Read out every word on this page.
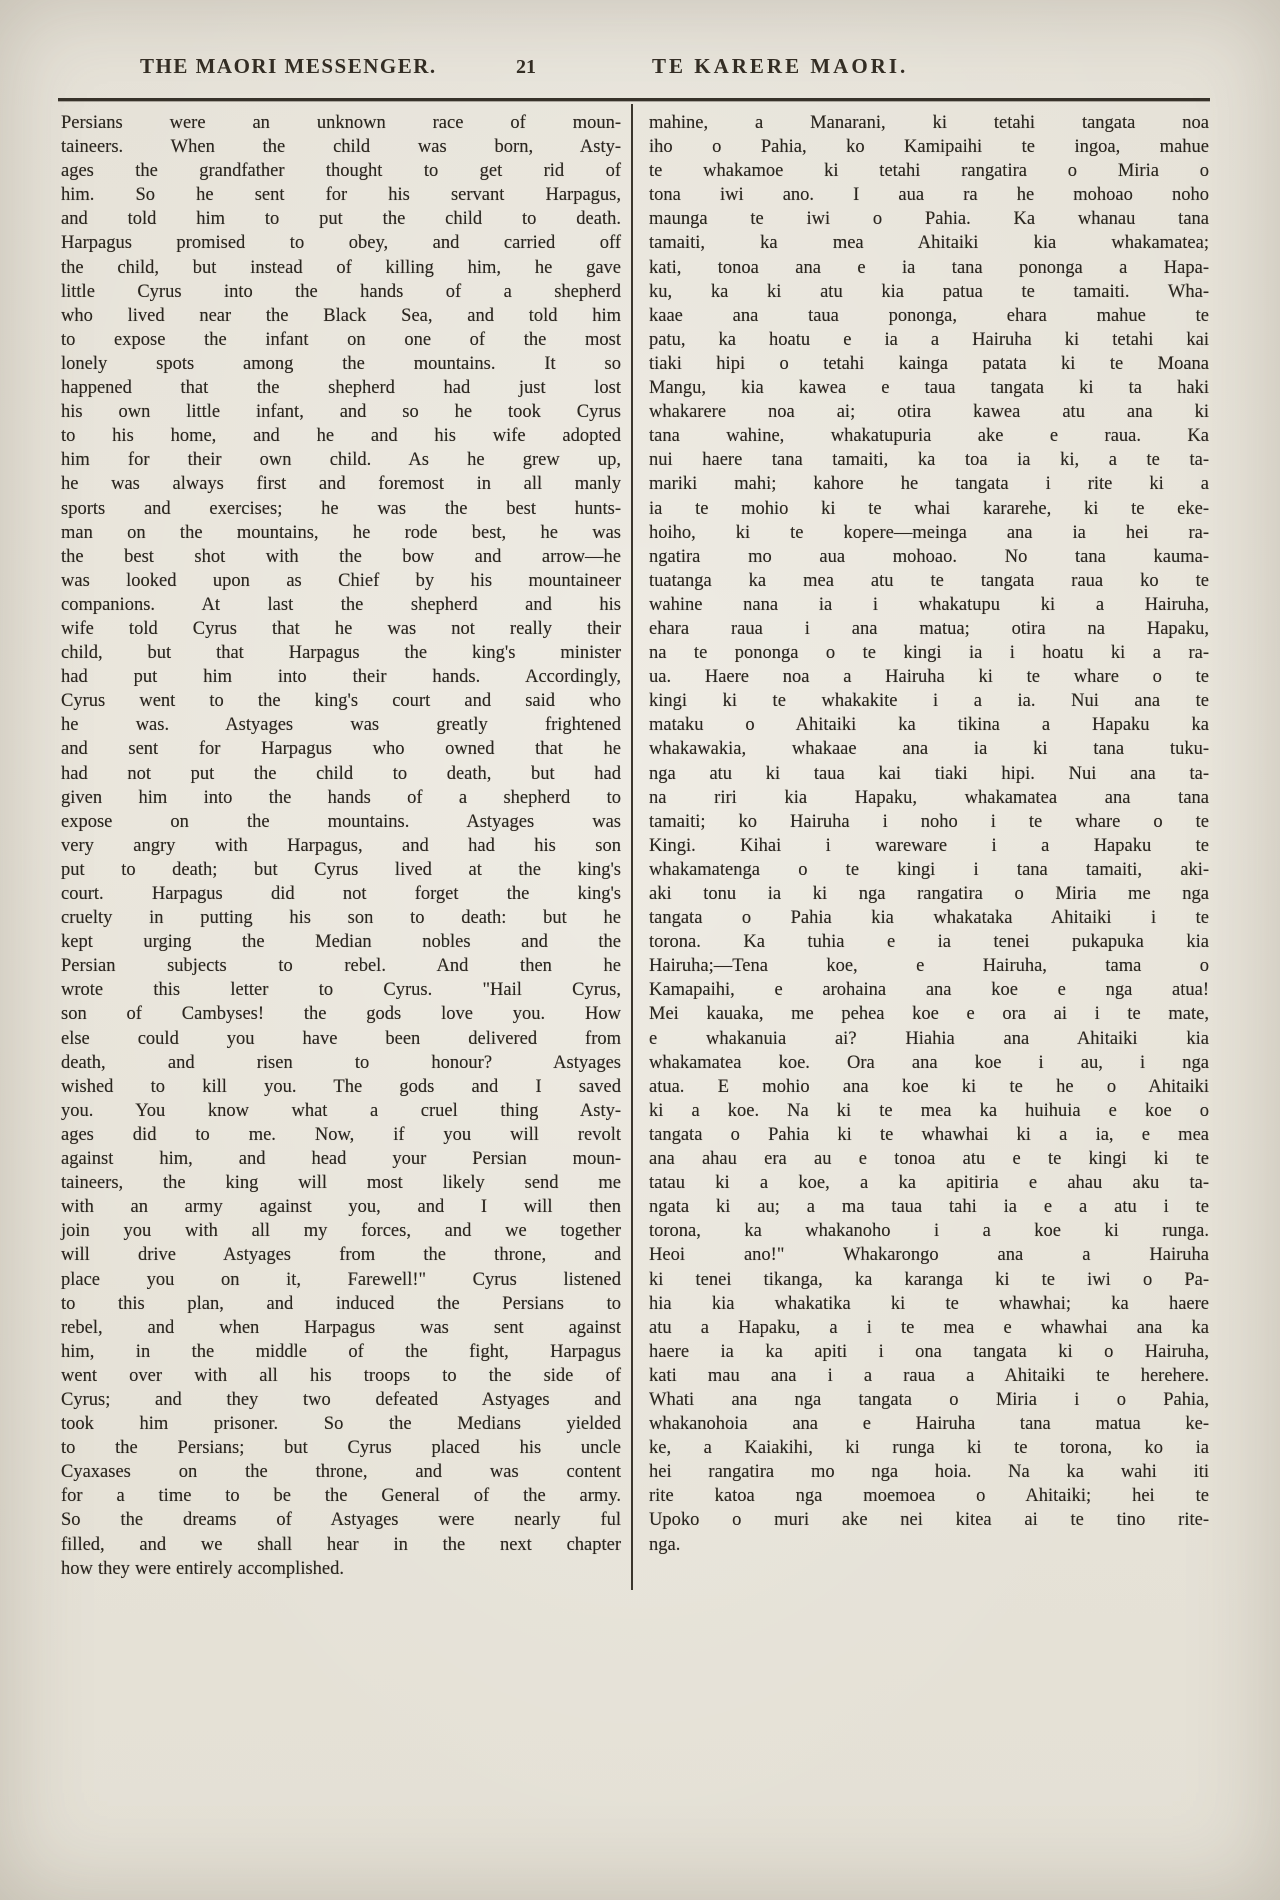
THE MAORI MESSENGER.	21	TE KARERE MAORI.
Persians were an unknown race of moun-
taineers. When the child was born, Asty-
ages the grandfather thought to get rid of
him. So he sent for his servant Harpagus,
and told him to put the child to death.
Harpagus promised to obey, and carried off
the child, but instead of killing him, he gave
little Cyrus into the hands of a shepherd
who lived near the Black Sea, and told him
to expose the infant on one of the most
lonely spots among the mountains. It so
happened that the shepherd had just lost
his own little infant, and so he took Cyrus
to his home, and he and his wife adopted
him for their own child. As he grew up,
he was always first and foremost in all manly
sports and exercises; he was the best hunts-
man on the mountains, he rode best, he was
the best shot with the bow and arrow—he
was looked upon as Chief by his mountaineer
companions. At last the shepherd and his
wife told Cyrus that he was not really their
child, but that Harpagus the king's minister
had put him into their hands. Accordingly,
Cyrus went to the king's court and said who
he was. Astyages was greatly frightened
and sent for Harpagus who owned that he
had not put the child to death, but had
given him into the hands of a shepherd to
expose on the mountains. Astyages was
very angry with Harpagus, and had his son
put to death; but Cyrus lived at the king's
court. Harpagus did not forget the king's
cruelty in putting his son to death: but he
kept urging the Median nobles and the
Persian subjects to rebel. And then he
wrote this letter to Cyrus. "Hail Cyrus,
son of Cambyses! the gods love you. How
else could you have been delivered from
death, and risen to honour? Astyages
wished to kill you. The gods and I saved
you. You know what a cruel thing Asty-
ages did to me. Now, if you will revolt
against him, and head your Persian moun-
taineers, the king will most likely send me
with an army against you, and I will then
join you with all my forces, and we together
will drive Astyages from the throne, and
place you on it, Farewell!" Cyrus listened
to this plan, and induced the Persians to
rebel, and when Harpagus was sent against
him, in the middle of the fight, Harpagus
went over with all his troops to the side of
Cyrus; and they two defeated Astyages and
took him prisoner. So the Medians yielded
to the Persians; but Cyrus placed his uncle
Cyaxases on the throne, and was content
for a time to be the General of the army.
So the dreams of Astyages were nearly ful
filled, and we shall hear in the next chapter
how they were entirely accomplished.
mahine, a Manarani, ki tetahi tangata noa
iho o Pahia, ko Kamipaihi te ingoa, mahue
te whakamoe ki tetahi rangatira o Miria o
tona iwi ano. I aua ra he mohoao noho
maunga te iwi o Pahia. Ka whanau tana
tamaiti, ka mea Ahitaiki kia whakamatea;
kati, tonoa ana e ia tana pononga a Hapa-
ku, ka ki atu kia patua te tamaiti. Wha-
kaae ana taua pononga, ehara mahue te
patu, ka hoatu e ia a Hairuha ki tetahi kai
tiaki hipi o tetahi kainga patata ki te Moana
Mangu, kia kawea e taua tangata ki ta haki
whakarere noa ai; otira kawea atu ana ki
tana wahine, whakatupuria ake e raua. Ka
nui haere tana tamaiti, ka toa ia ki, a te ta-
mariki mahi; kahore he tangata i rite ki a
ia te mohio ki te whai kararehe, ki te eke-
hoiho, ki te kopere—meinga ana ia hei ra-
ngatira mo aua mohoao. No tana kauma-
tuatanga ka mea atu te tangata raua ko te
wahine nana ia i whakatupu ki a Hairuha,
ehara raua i ana matua; otira na Hapaku,
na te pononga o te kingi ia i hoatu ki a ra-
ua. Haere noa a Hairuha ki te whare o te
kingi ki te whakakite i a ia. Nui ana te
mataku o Ahitaiki ka tikina a Hapaku ka
whakawakia, whakaae ana ia ki tana tuku-
nga atu ki taua kai tiaki hipi. Nui ana ta-
na riri kia Hapaku, whakamatea ana tana
tamaiti; ko Hairuha i noho i te whare o te
Kingi. Kihai i wareware i a Hapaku te
whakamatenga o te kingi i tana tamaiti, aki-
aki tonu ia ki nga rangatira o Miria me nga
tangata o Pahia kia whakataka Ahitaiki i te
torona. Ka tuhia e ia tenei pukapuka kia
Hairuha;—Tena koe, e Hairuha, tama o
Kamapaihi, e arohaina ana koe e nga atua!
Mei kauaka, me pehea koe e ora ai i te mate,
e whakanuia ai? Hiahia ana Ahitaiki kia
whakamatea koe. Ora ana koe i au, i nga
atua. E mohio ana koe ki te he o Ahitaiki
ki a koe. Na ki te mea ka huihuia e koe o
tangata o Pahia ki te whawhai ki a ia, e mea
ana ahau era au e tonoa atu e te kingi ki te
tatau ki a koe, a ka apitiria e ahau aku ta-
ngata ki au; a ma taua tahi ia e a atu i te
torona, ka whakanoho i a koe ki runga.
Heoi ano!" Whakarongo ana a Hairuha
ki tenei tikanga, ka karanga ki te iwi o Pa-
hia kia whakatika ki te whawhai; ka haere
atu a Hapaku, a i te mea e whawhai ana ka
haere ia ka apiti i ona tangata ki o Hairuha,
kati mau ana i a raua a Ahitaiki te herehere.
Whati ana nga tangata o Miria i o Pahia,
whakanohoia ana e Hairuha tana matua ke-
ke, a Kaiakihi, ki runga ki te torona, ko ia
hei rangatira mo nga hoia. Na ka wahi iti
rite katoa nga moemoea o Ahitaiki; hei te
Upoko o muri ake nei kitea ai te tino rite-
nga.
